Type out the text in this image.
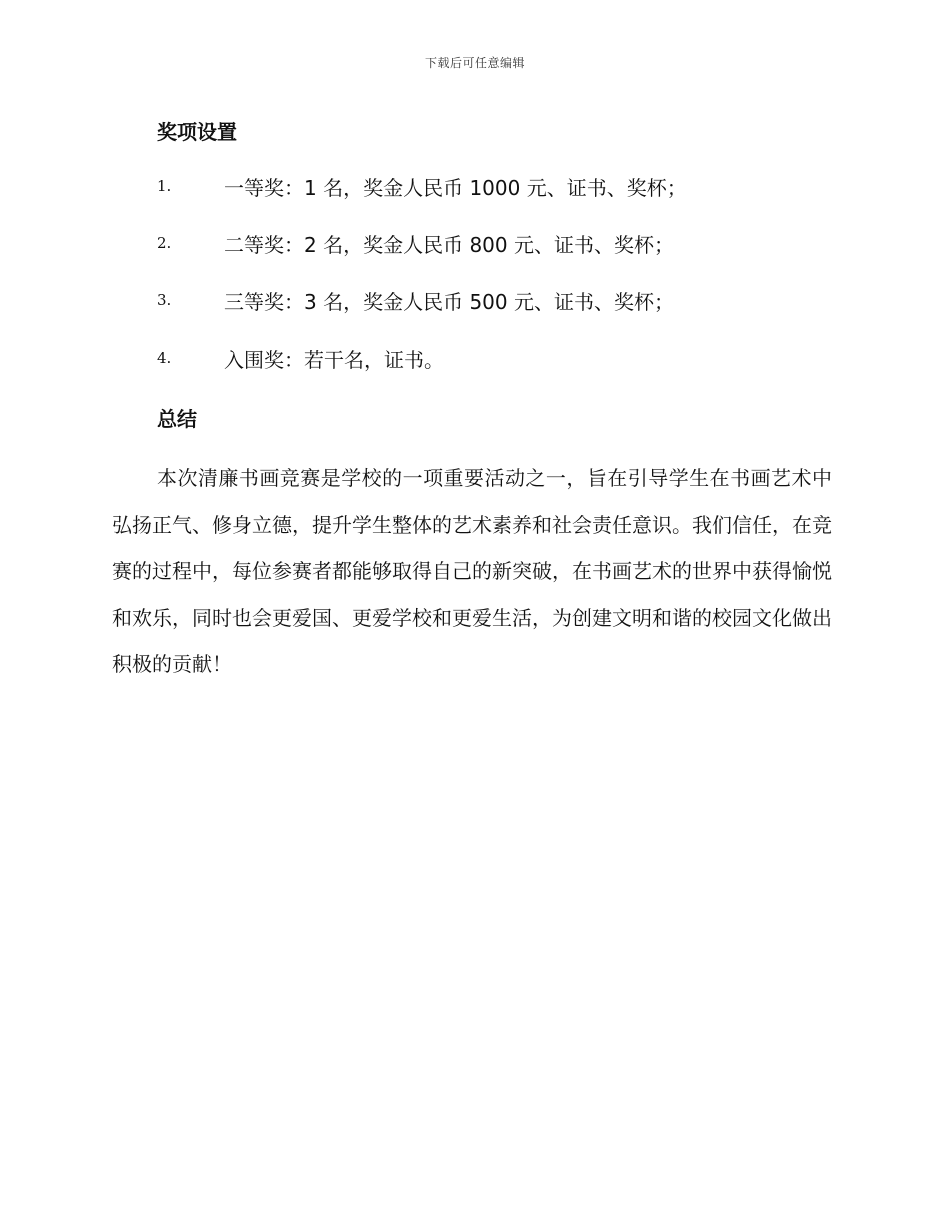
下载后可任意编辑
奖项设置
1.	一等奖：1 名，奖金人民币 1000 元、证书、奖杯；
2.	二等奖：2 名，奖金人民币 800 元、证书、奖杯；
3.	三等奖：3 名，奖金人民币 500 元、证书、奖杯；
4.	入围奖：若干名，证书。
总结

本次清廉书画竞赛是学校的一项重要活动之一，旨在引导学生在书画艺术中弘扬正气、修身立德，提升学生整体的艺术素养和社会责任意识。我们信任，在竞赛的过程中，每位参赛者都能够取得自己的新突破，在书画艺术的世界中获得愉悦和欢乐，同时也会更爱国、更爱学校和更爱生活，为创建文明和谐的校园文化做出积极的贡献！
